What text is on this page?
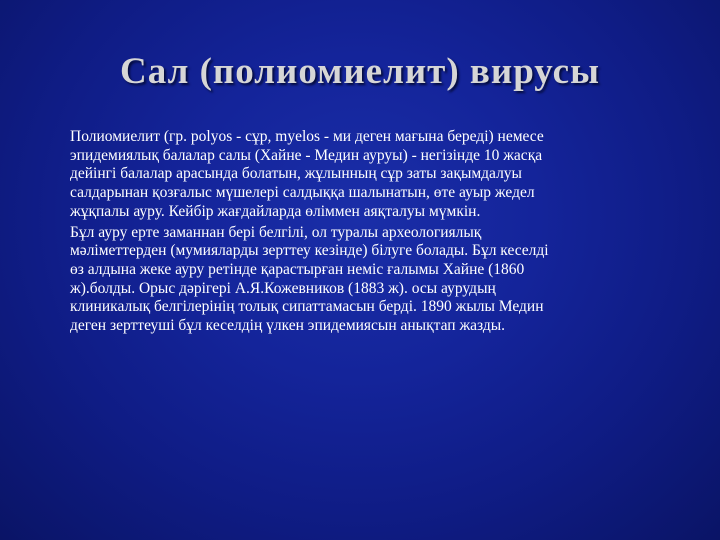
Сал (полиомиелит) вирусы

Полиомиелит (гр. polyos - сұр, myelos - ми деген мағына береді) немесе
эпидемиялық балалар салы (Хайне - Медин ауруы) - негізінде 10 жасқа
дейінгі балалар арасында болатын, жұлынның сұр заты зақымдалуы
салдарынан қозғалыс мүшелері салдыққа шалынатын, өте ауыр жедел
жұқпалы ауру. Кейбір жағдайларда өліммен аяқталуы мүмкін.

Бұл ауру ерте заманнан бері белгілі, ол туралы археологиялық
мәліметтерден (мумияларды зерттеу кезінде) білуге болады. Бұл кеселді
өз алдына жеке ауру ретінде қарастырған неміс ғалымы Хайне (1860
ж).болды. Орыс дәрігері А.Я.Кожевников (1883 ж). осы аурудың
клиникалық белгілерінің толық сипаттамасын берді. 1890 жылы Медин
деген зерттеуші бұл кеселдің үлкен эпидемиясын анықтап жазды.
